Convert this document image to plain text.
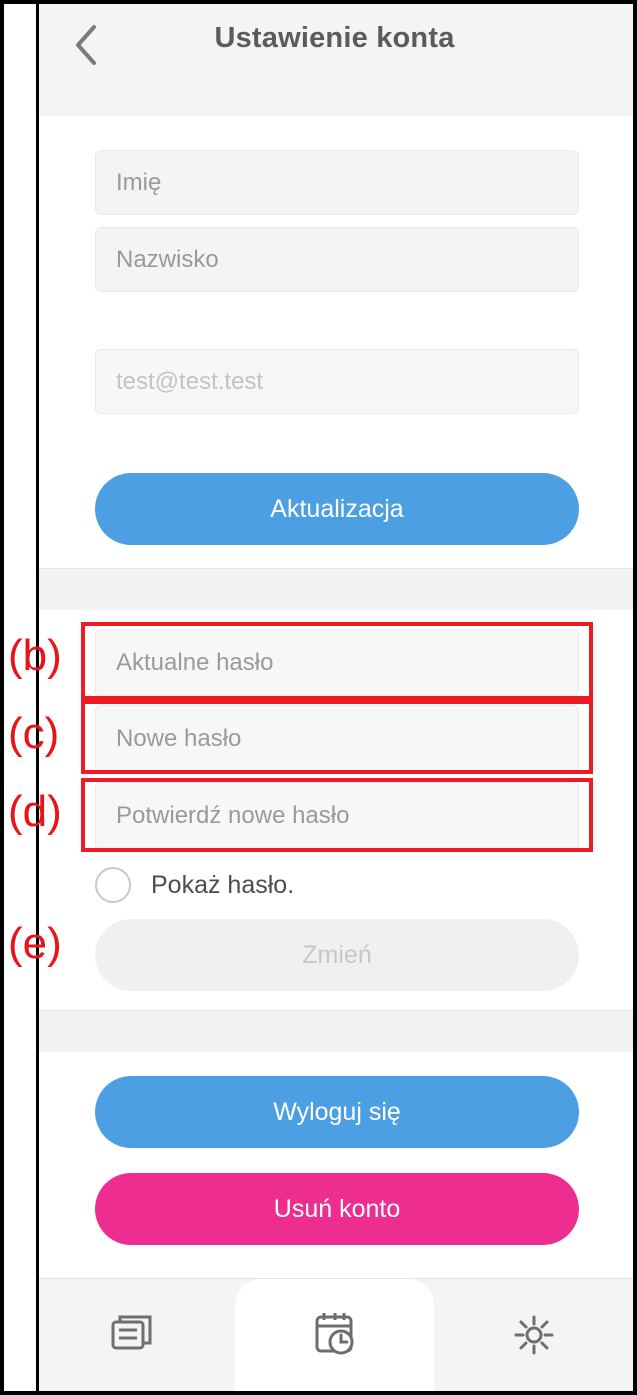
Ustawienie konta
Imię
Nazwisko
test@test.test
Aktualizacja
Aktualne hasło
Nowe hasło
Potwierdź nowe hasło
Pokaż hasło.
Zmień
Wyloguj się
Usuń konto
(b)
(c)
(d)
(e)
